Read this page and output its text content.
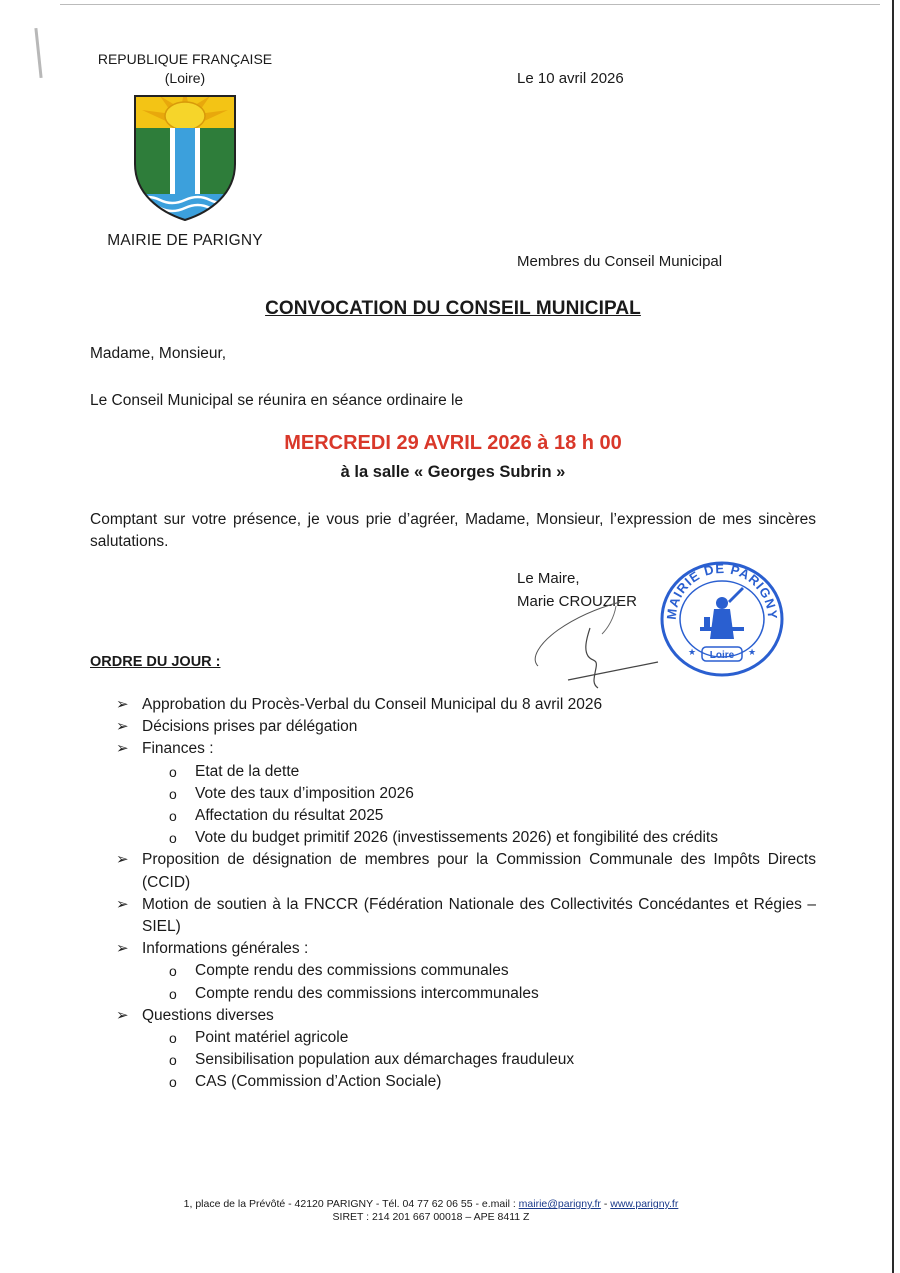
REPUBLIQUE FRANÇAISE
(Loire)
MAIRIE DE PARIGNY
Le 10 avril 2026
Membres du Conseil Municipal
CONVOCATION DU CONSEIL MUNICIPAL
Madame, Monsieur,
Le Conseil Municipal se réunira en séance ordinaire le
MERCREDI 29 AVRIL 2026 à 18 h 00
à la salle « Georges Subrin »

Comptant sur votre présence, je vous prie d’agréer, Madame, Monsieur, l’expression de mes sincères salutations.

Le Maire,
Marie CROUZIER
MAIRIE DE PARIGNY
Loire
★	★
ORDRE DU JOUR :
➢ Approbation du Procès-Verbal du Conseil Municipal du 8 avril 2026
➢ Décisions prises par délégation
➢ Finances :
o Etat de la dette
o Vote des taux d’imposition 2026
o Affectation du résultat 2025
o Vote du budget primitif 2026 (investissements 2026) et fongibilité des crédits
➢ Proposition de désignation de membres pour la Commission Communale des Impôts Directs (CCID)
➢ Motion de soutien à la FNCCR (Fédération Nationale des Collectivités Concédantes et Régies – SIEL)
➢ Informations générales :
o Compte rendu des commissions communales
o Compte rendu des commissions intercommunales
➢ Questions diverses
o Point matériel agricole
o Sensibilisation population aux démarchages frauduleux
o CAS (Commission d’Action Sociale)
1, place de la Prévôté - 42120 PARIGNY - Tél. 04 77 62 06 55 - e.mail : mairie@parigny.fr - www.parigny.fr
SIRET : 214 201 667 00018 – APE 8411 Z
